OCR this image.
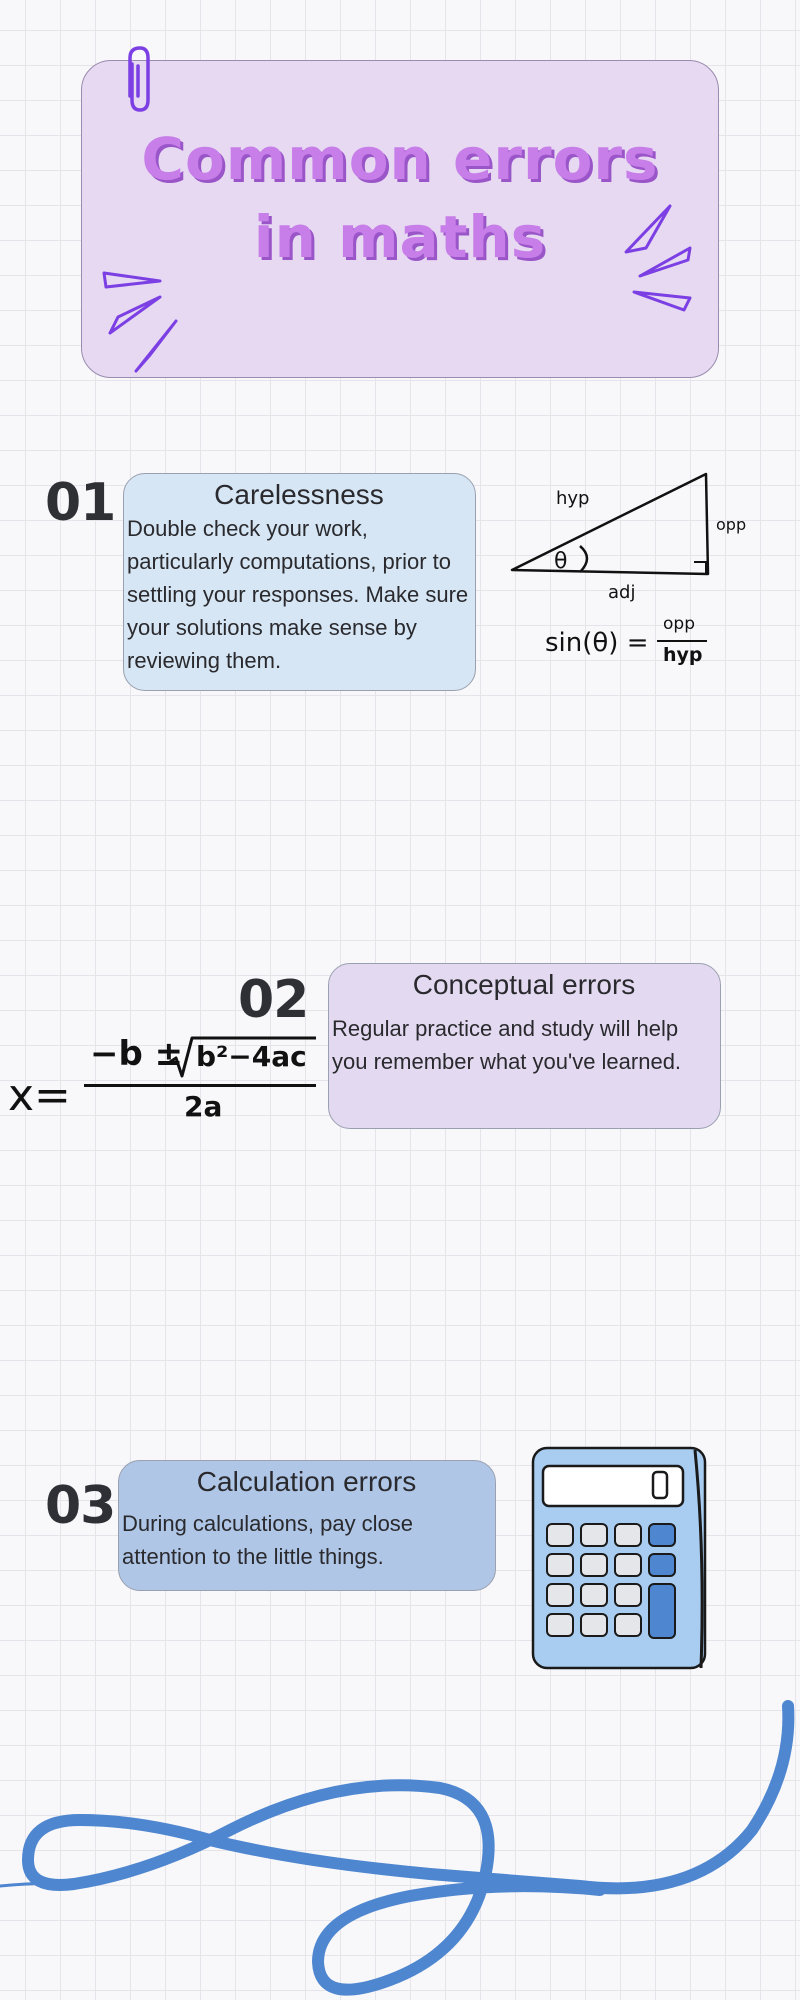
Common errors in maths
01	Carelessness

Double check your work, particularly computations, prior to settling your responses. Make sure your solutions make sense by reviewing them.

θ
hyp
opp
adj
sin(θ) =
opp
hyp
02	Conceptual errors

Regular practice and study will help you remember what you've learned.

x=
−b ± b²−4ac
2a
03	Calculation errors

During calculations, pay close attention to the little things.
